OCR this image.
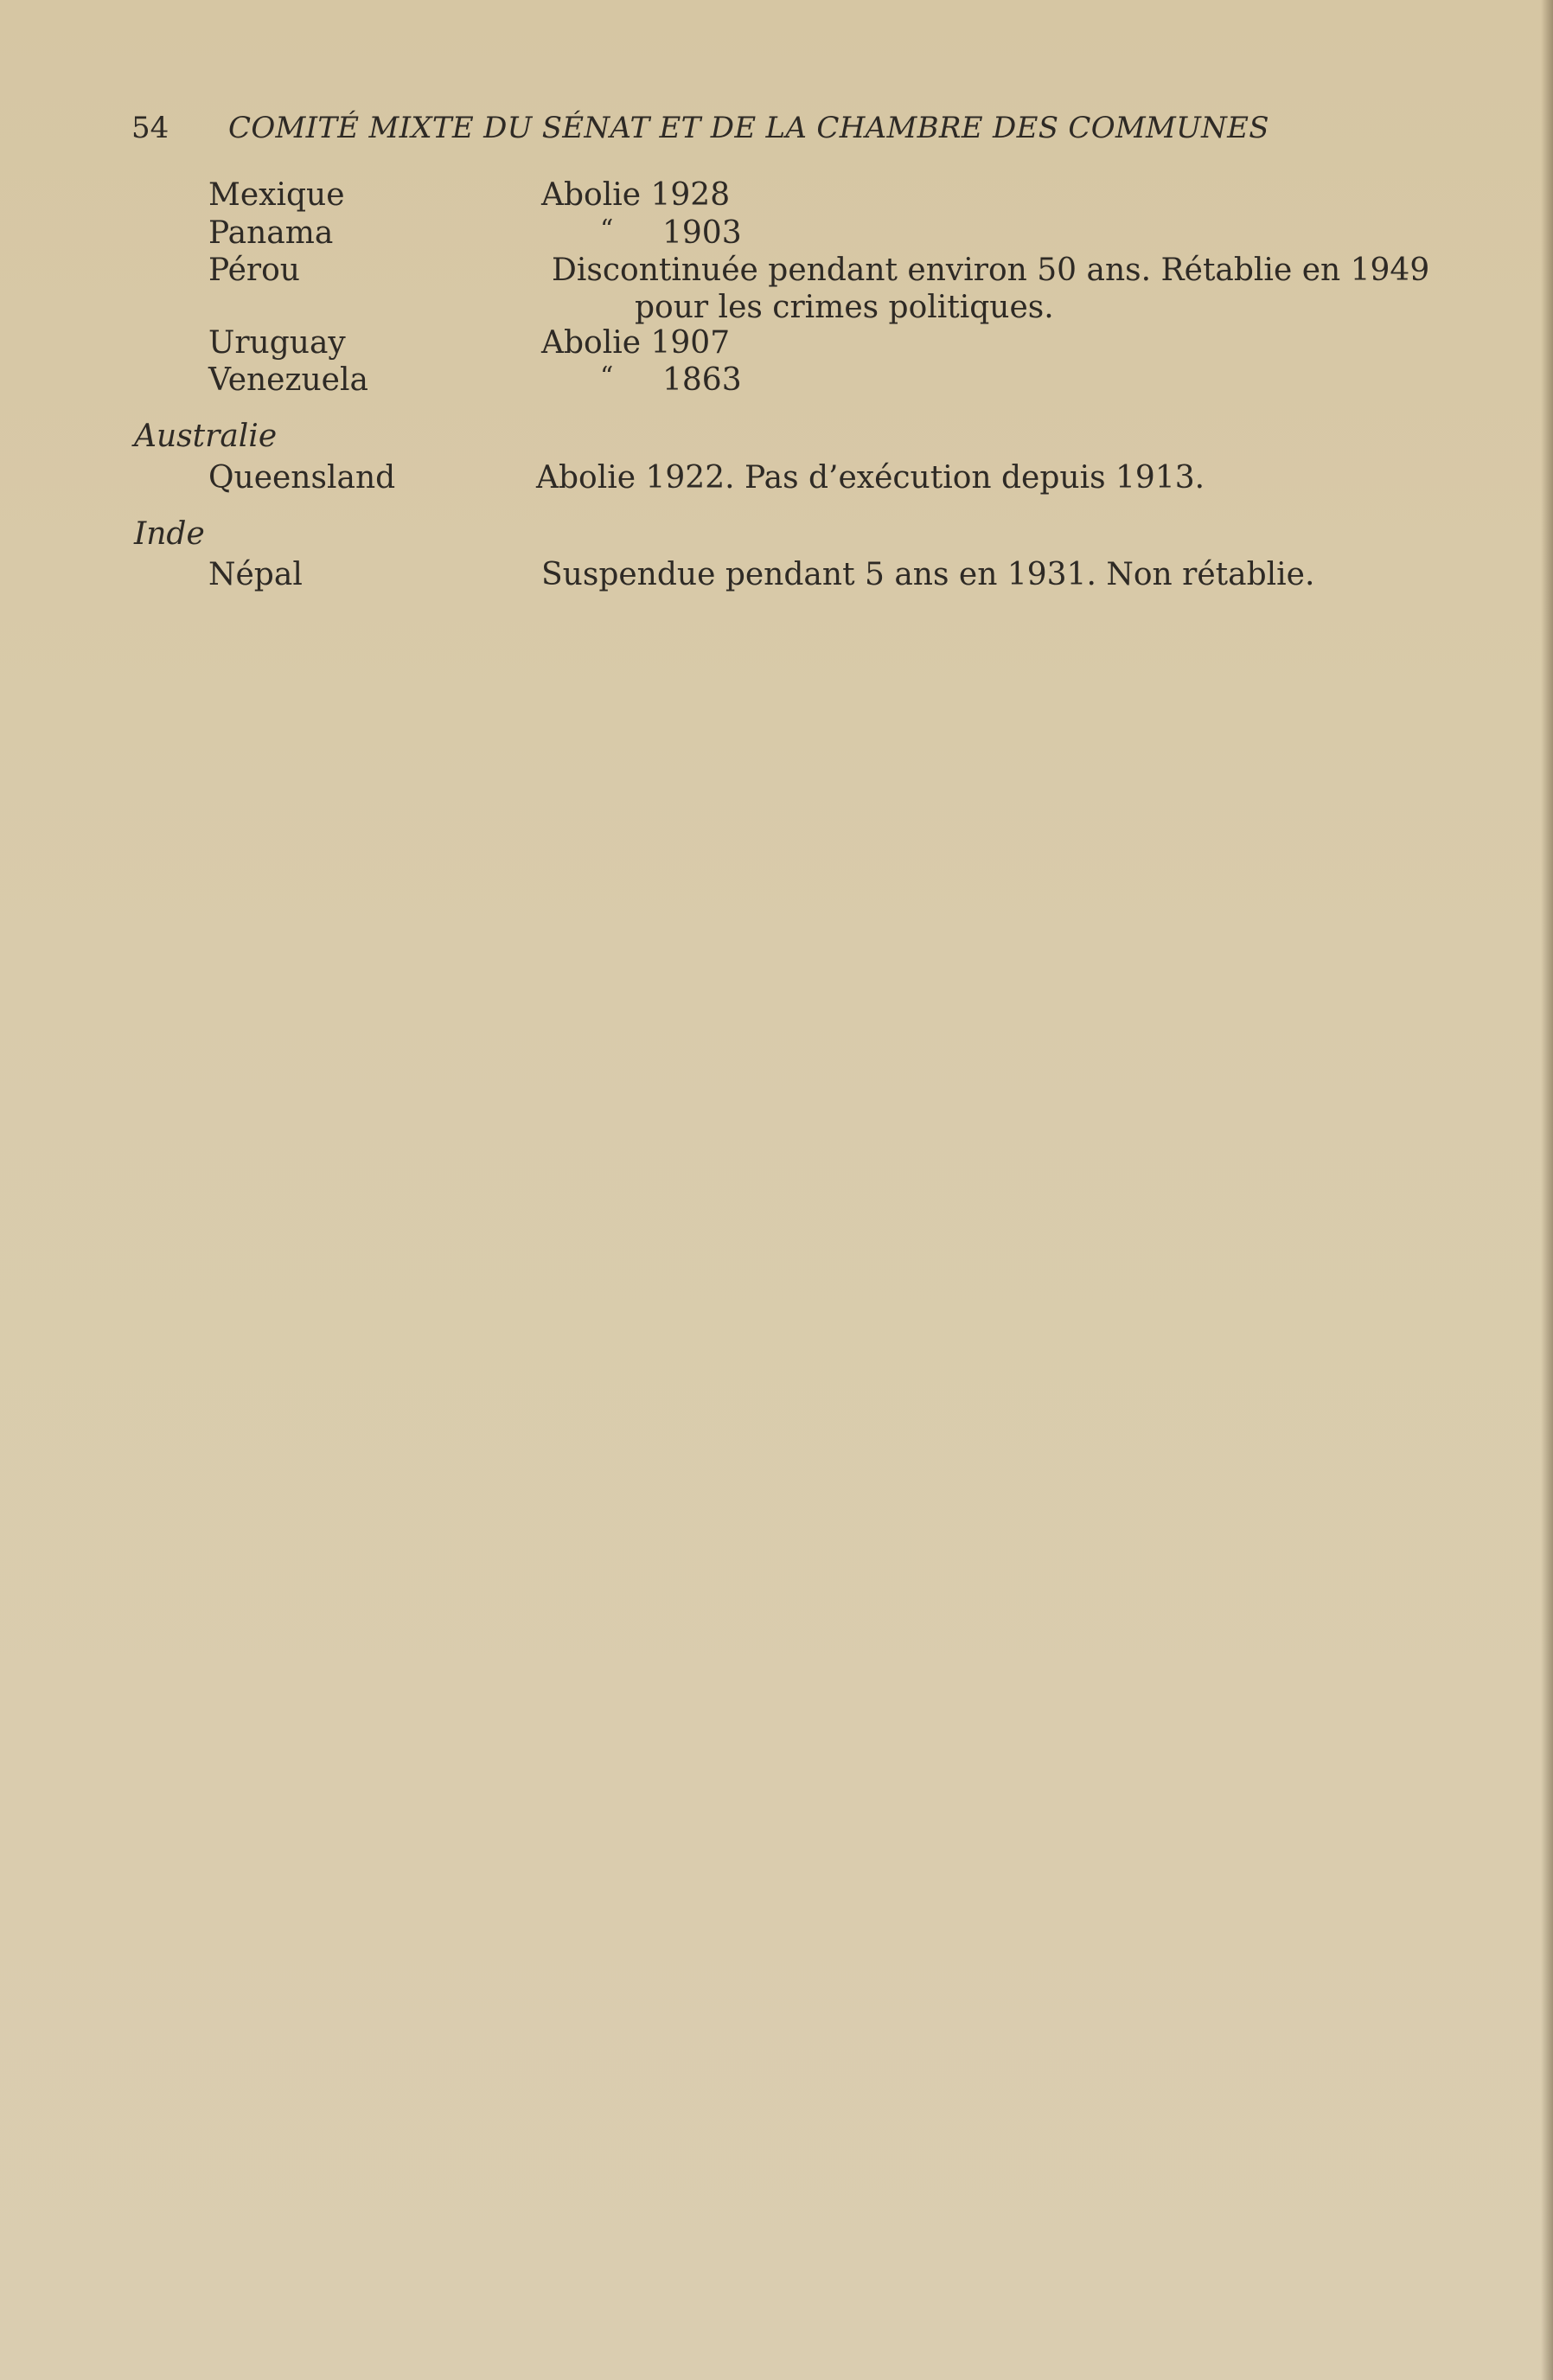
54 COMITÉ MIXTE DU SÉNAT ET DE LA CHAMBRE DES COMMUNES
Mexique	Abolie 1928
Panama	“ 1903
Pérou	Discontinuée pendant environ 50 ans. Rétablie en 1949
pour les crimes politiques.
Uruguay	Abolie 1907
Venezuela	“ 1863
Australie
Queensland	Abolie 1922. Pas d’exécution depuis 1913.
Inde
Népal	Suspendue pendant 5 ans en 1931. Non rétablie.
